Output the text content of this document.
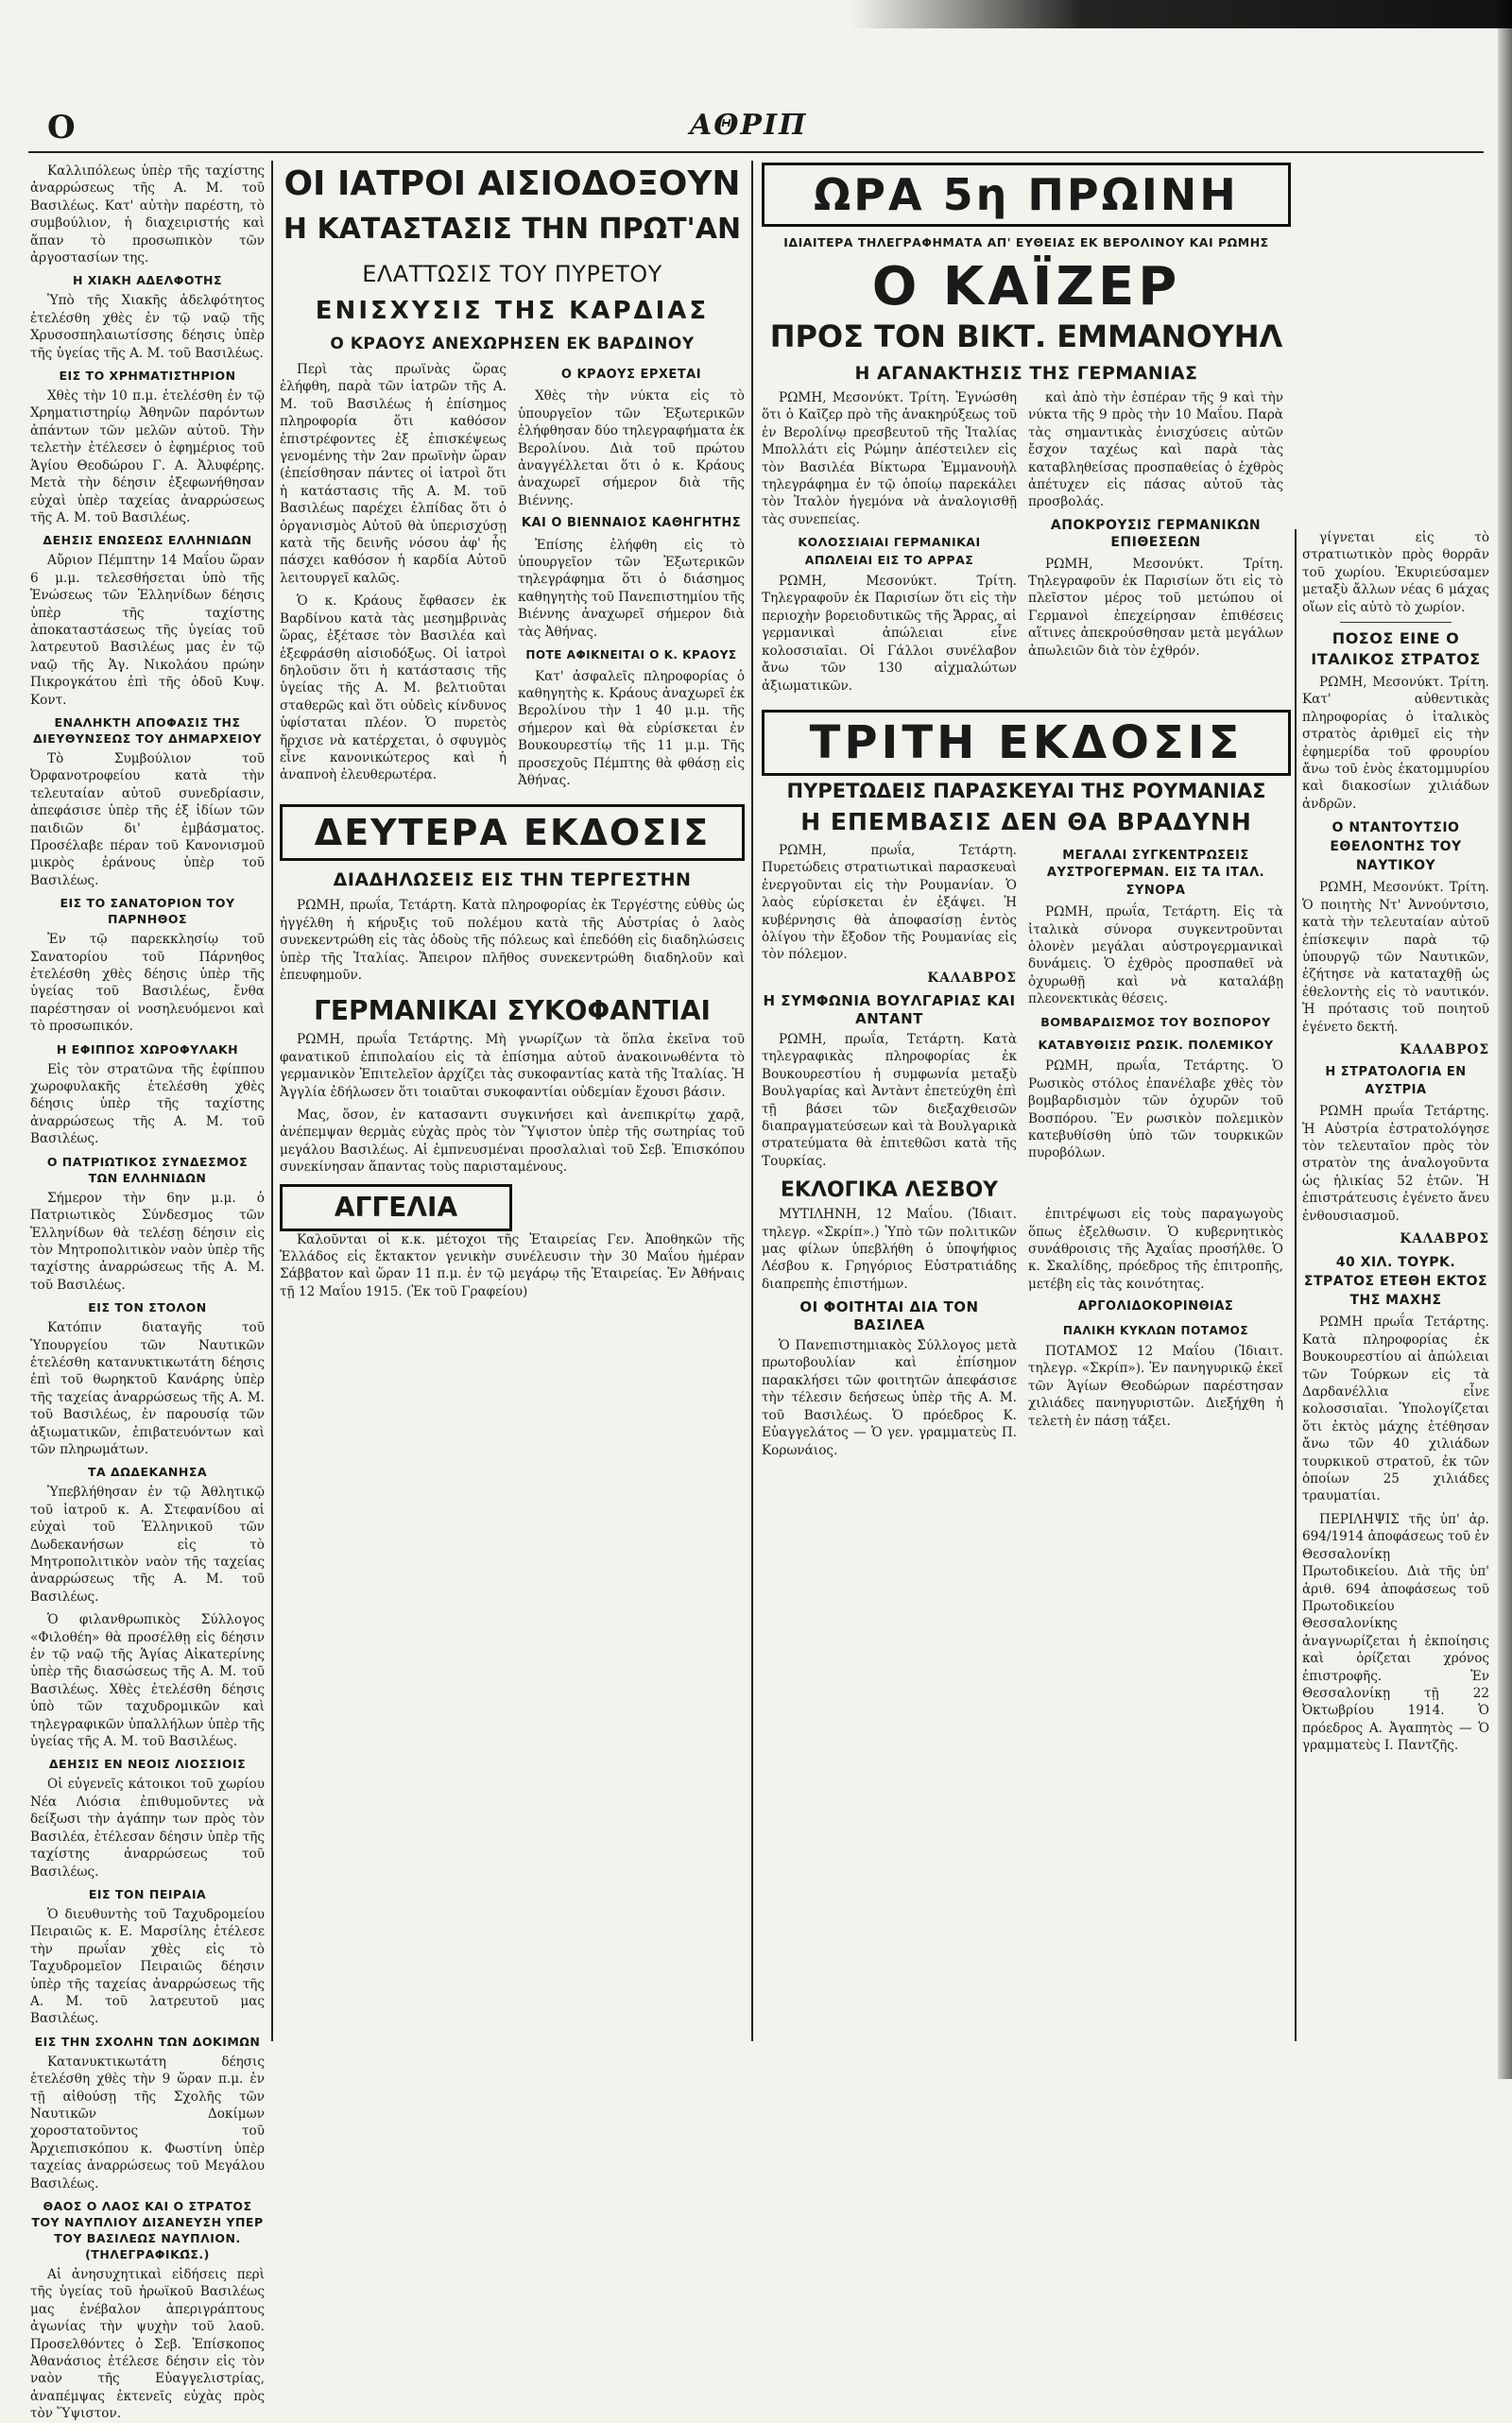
Ο	ΑΘΡΙΠ

Καλλιπόλεως ὑπὲρ τῆς ταχίστης ἀναρρώσεως τῆς Α. Μ. τοῦ Βασιλέως. Κατ' αὐτὴν παρέστη, τὸ συμβούλιον, ἡ διαχειριστής καὶ ἅπαν τὸ προσωπικὸν τῶν ἀργοστασίων της.

Η ΧΙΑΚΗ ΑΔΕΛΦΟΤΗΣ

Ὑπὸ τῆς Χιακῆς ἀδελφότητος ἐτελέσθη χθὲς ἐν τῷ ναῷ τῆς Χρυσοσπηλαιωτίσσης δέησις ὑπὲρ τῆς ὑγείας τῆς Α. Μ. τοῦ Βασιλέως.

ΕΙΣ ΤΟ ΧΡΗΜΑΤΙΣΤΗΡΙΟΝ

Χθὲς τὴν 10 π.μ. ἐτελέσθη ἐν τῷ Χρηματιστηρίῳ Ἀθηνῶν παρόντων ἁπάντων τῶν μελῶν αὐτοῦ. Τὴν τελετὴν ἐτέλεσεν ὁ ἐφημέριος τοῦ Ἁγίου Θεοδώρου Γ. Α. Ἀλυφέρης. Μετὰ τὴν δέησιν ἐξεφωνήθησαν εὐχαὶ ὑπὲρ ταχείας ἀναρρώσεως τῆς Α. Μ. τοῦ Βασιλέως.

ΔΕΗΣΙΣ ΕΝΩΣΕΩΣ ΕΛΛΗΝΙΔΩΝ

Αὔριον Πέμπτην 14 Μαΐου ὥραν 6 μ.μ. τελεσθήσεται ὑπὸ τῆς Ἑνώσεως τῶν Ἑλληνίδων δέησις ὑπὲρ τῆς ταχίστης ἀποκαταστάσεως τῆς ὑγείας τοῦ λατρευτοῦ Βασιλέως μας ἐν τῷ ναῷ τῆς Ἁγ. Νικολάου πρώην Πικρογκάτου ἐπὶ τῆς ὁδοῦ Κυψ. Κοντ.

ΕΝΑΛΗΚΤΗ ΑΠΟΦΑΣΙΣ ΤΗΣ ΔΙΕΥΘΥΝΣΕΩΣ ΤΟΥ ΔΗΜΑΡΧΕΙΟΥ

Τὸ Συμβούλιον τοῦ Ὀρφανοτροφείου κατὰ τὴν τελευταίαν αὐτοῦ συνεδρίασιν, ἀπεφάσισε ὑπὲρ τῆς ἐξ ἰδίων τῶν παιδιῶν δι' ἐμβάσματος. Προσέλαβε πέραν τοῦ Κανονισμοῦ μικρὸς ἐράνους ὑπὲρ τοῦ Βασιλέως.

ΕΙΣ ΤΟ ΣΑΝΑΤΟΡΙΟΝ ΤΟΥ ΠΑΡΝΗΘΟΣ

Ἐν τῷ παρεκκλησίῳ τοῦ Σανατορίου τοῦ Πάρνηθος ἐτελέσθη χθὲς δέησις ὑπὲρ τῆς ὑγείας τοῦ Βασιλέως, ἔνθα παρέστησαν οἱ νοσηλευόμενοι καὶ τὸ προσωπικόν.

Η ΕΦΙΠΠΟΣ ΧΩΡΟΦΥΛΑΚΗ

Εἰς τὸν στρατῶνα τῆς ἐφίππου χωροφυλακῆς ἐτελέσθη χθὲς δέησις ὑπὲρ τῆς ταχίστης ἀναρρώσεως τῆς Α. Μ. τοῦ Βασιλέως.

Ο ΠΑΤΡΙΩΤΙΚΟΣ ΣΥΝΔΕΣΜΟΣ ΤΩΝ ΕΛΛΗΝΙΔΩΝ

Σήμερον τὴν 6ην μ.μ. ὁ Πατριωτικὸς Σύνδεσμος τῶν Ἑλληνίδων θὰ τελέσῃ δέησιν εἰς τὸν Μητροπολιτικὸν ναὸν ὑπὲρ τῆς ταχίστης ἀναρρώσεως τῆς Α. Μ. τοῦ Βασιλέως.

ΕΙΣ ΤΟΝ ΣΤΟΛΟΝ

Κατόπιν διαταγῆς τοῦ Ὑπουργείου τῶν Ναυτικῶν ἐτελέσθη κατανυκτικωτάτη δέησις ἐπὶ τοῦ θωρηκτοῦ Κανάρης ὑπὲρ τῆς ταχείας ἀναρρώσεως τῆς Α. Μ. τοῦ Βασιλέως, ἐν παρουσίᾳ τῶν ἀξιωματικῶν, ἐπιβατευόντων καὶ τῶν πληρωμάτων.

ΤΑ ΔΩΔΕΚΑΝΗΣΑ

Ὑπεβλήθησαν ἐν τῷ Ἀθλητικῷ τοῦ ἰατροῦ κ. Α. Στεφανίδου αἱ εὐχαὶ τοῦ Ἑλληνικοῦ τῶν Δωδεκανήσων εἰς τὸ Μητροπολιτικὸν ναὸν τῆς ταχείας ἀναρρώσεως τῆς Α. Μ. τοῦ Βασιλέως.

Ὁ φιλανθρωπικὸς Σύλλογος «Φιλοθέη» θὰ προσέλθῃ εἰς δέησιν ἐν τῷ ναῷ τῆς Ἁγίας Αἰκατερίνης ὑπὲρ τῆς διασώσεως τῆς Α. Μ. τοῦ Βασιλέως. Χθὲς ἐτελέσθη δέησις ὑπὸ τῶν ταχυδρομικῶν καὶ τηλεγραφικῶν ὑπαλλήλων ὑπὲρ τῆς ὑγείας τῆς Α. Μ. τοῦ Βασιλέως.

ΔΕΗΣΙΣ ΕΝ ΝΕΟΙΣ ΛΙΟΣΣΙΟΙΣ

Οἱ εὐγενεῖς κάτοικοι τοῦ χωρίου Νέα Λιόσια ἐπιθυμοῦντες νὰ δείξωσι τὴν ἀγάπην των πρὸς τὸν Βασιλέα, ἐτέλεσαν δέησιν ὑπὲρ τῆς ταχίστης ἀναρρώσεως τοῦ Βασιλέως.

ΕΙΣ ΤΟΝ ΠΕΙΡΑΙΑ

Ὁ διευθυντὴς τοῦ Ταχυδρομείου Πειραιῶς κ. Ε. Μαρσίλης ἐτέλεσε τὴν πρωΐαν χθὲς εἰς τὸ Ταχυδρομεῖον Πειραιῶς δέησιν ὑπὲρ τῆς ταχείας ἀναρρώσεως τῆς Α. Μ. τοῦ λατρευτοῦ μας Βασιλέως.

ΕΙΣ ΤΗΝ ΣΧΟΛΗΝ ΤΩΝ ΔΟΚΙΜΩΝ

Κατανυκτικωτάτη δέησις ἐτελέσθη χθὲς τὴν 9 ὥραν π.μ. ἐν τῇ αἰθούσῃ τῆς Σχολῆς τῶν Ναυτικῶν Δοκίμων χοροστατοῦντος τοῦ Ἀρχιεπισκόπου κ. Φωστίνη ὑπὲρ ταχείας ἀναρρώσεως τοῦ Μεγάλου Βασιλέως.

ΘΑΟΣ Ο ΛΑΟΣ ΚΑΙ Ο ΣΤΡΑΤΟΣ ΤΟΥ ΝΑΥΠΛΙΟΥ ΔΙΣΑΝΕΥΣΗ ΥΠΕΡ ΤΟΥ ΒΑΣΙΛΕΩΣ ΝΑΥΠΛΙΟΝ. (ΤΗΛΕΓΡΑΦΙΚΩ͂Σ.)

Αἱ ἀνησυχητικαὶ εἰδήσεις περὶ τῆς ὑγείας τοῦ ἡρωϊκοῦ Βασιλέως μας ἐνέβαλον ἀπεριγράπτους ἀγωνίας τὴν ψυχὴν τοῦ λαοῦ. Προσελθόντες ὁ Σεβ. Ἐπίσκοπος Ἀθανάσιος ἐτέλεσε δέησιν εἰς τὸν ναὸν τῆς Εὐαγγελιστρίας, ἀναπέμψας ἐκτενεῖς εὐχὰς πρὸς τὸν Ὕψιστον.

ΟΙ ΙΑΤΡΟΙ ΑΙΣΙΟΔΟΞΟΥΝ
Η ΚΑΤΑΣΤΑΣΙΣ ΤΗΝ ΠΡΩΤ'ΑΝ
ΕΛΑΤΤΩΣΙΣ ΤΟΥ ΠΥΡΕΤΟΥ
ΕΝΙΣΧΥΣΙΣ ΤΗΣ ΚΑΡΔΙΑΣ
Ο ΚΡΑΟΥΣ ΑΝΕΧΩΡΗΣΕΝ ΕΚ ΒΑΡΔΙΝΟΥ

Περὶ τὰς πρωϊνὰς ὥρας ἐλήφθη, παρὰ τῶν ἰατρῶν τῆς Α. Μ. τοῦ Βασιλέως ἡ ἐπίσημος πληροφορία ὅτι καθόσον ἐπιστρέφοντες ἐξ ἐπισκέψεως γενομένης τὴν 2αν πρωϊνὴν ὥραν (ἐπείσθησαν πάντες οἱ ἰατροὶ ὅτι ἡ κατάστασις τῆς Α. Μ. τοῦ Βασιλέως παρέχει ἐλπίδας ὅτι ὁ ὀργανισμὸς Αὐτοῦ θὰ ὑπερισχύσῃ κατὰ τῆς δεινῆς νόσου ἀφ' ἧς πάσχει καθόσον ἡ καρδία Αὐτοῦ λειτουργεῖ καλῶς.

Ὁ κ. Κράους ἔφθασεν ἐκ Βαρδίνου κατὰ τὰς μεσημβρινὰς ὥρας, ἐξέτασε τὸν Βασιλέα καὶ ἐξεφράσθη αἰσιοδόξως. Οἱ ἰατροὶ δηλοῦσιν ὅτι ἡ κατάστασις τῆς ὑγείας τῆς Α. Μ. βελτιοῦται σταθερῶς καὶ ὅτι οὐδεὶς κίνδυνος ὑφίσταται πλέον. Ὁ πυρετὸς ἤρχισε νὰ κατέρχεται, ὁ σφυγμὸς εἶνε κανονικώτερος καὶ ἡ ἀναπνοὴ ἐλευθερωτέρα.

Ο ΚΡΑΟΥΣ ΕΡΧΕΤΑΙ

Χθὲς τὴν νύκτα εἰς τὸ ὑπουργεῖον τῶν Ἐξωτερικῶν ἐλήφθησαν δύο τηλεγραφήματα ἐκ Βερολίνου. Διὰ τοῦ πρώτου ἀναγγέλλεται ὅτι ὁ κ. Κράους ἀναχωρεῖ σήμερον διὰ τῆς Βιέννης.

ΚΑΙ Ο ΒΙΕΝΝΑΙΟΣ ΚΑΘΗΓΗΤΗΣ

Ἐπίσης ἐλήφθη εἰς τὸ ὑπουργεῖον τῶν Ἐξωτερικῶν τηλεγράφημα ὅτι ὁ διάσημος καθηγητὴς τοῦ Πανεπιστημίου τῆς Βιέννης ἀναχωρεῖ σήμερον διὰ τὰς Ἀθήνας.

ΠΟΤΕ ΑΦΙΚΝΕΙΤΑΙ Ο Κ. ΚΡΑΟΥΣ

Κατ' ἀσφαλεῖς πληροφορίας ὁ καθηγητὴς κ. Κράους ἀναχωρεῖ ἐκ Βερολίνου τὴν 1 40 μ.μ. τῆς σήμερον καὶ θὰ εὑρίσκεται ἐν Βουκουρεστίῳ τῆς 11 μ.μ. Τῆς προσεχοῦς Πέμπτης θὰ φθάσῃ εἰς Ἀθήνας.

ΔΕΥΤΕΡΑ ΕΚΔΟΣΙΣ
ΔΙΑΔΗΛΩΣΕΙΣ ΕΙΣ ΤΗΝ ΤΕΡΓΕΣΤΗΝ

ΡΩΜΗ, πρωΐα, Τετάρτη. Κατὰ πληροφορίας ἐκ Τεργέστης εὐθὺς ὡς ἠγγέλθη ἡ κήρυξις τοῦ πολέμου κατὰ τῆς Αὐστρίας ὁ λαὸς συνεκεντρώθη εἰς τὰς ὁδοὺς τῆς πόλεως καὶ ἐπεδόθη εἰς διαδηλώσεις ὑπὲρ τῆς Ἰταλίας. Ἄπειρον πλῆθος συνεκεντρώθη διαδηλοῦν καὶ ἐπευφημοῦν.

ΓΕΡΜΑΝΙΚΑΙ ΣΥΚΟΦΑΝΤΙΑΙ

ΡΩΜΗ, πρωΐα Τετάρτης. Μὴ γνωρίζων τὰ ὅπλα ἐκεῖνα τοῦ φανατικοῦ ἐπιπολαίου εἰς τὰ ἐπίσημα αὐτοῦ ἀνακοινωθέντα τὸ γερμανικὸν Ἐπιτελεῖον ἀρχίζει τὰς συκοφαντίας κατὰ τῆς Ἰταλίας. Ἡ Ἀγγλία ἐδήλωσεν ὅτι τοιαῦται συκοφαντίαι οὐδεμίαν ἔχουσι βάσιν.

Μας, ὅσον, ἐν κατασαντι συγκινήσει καὶ ἀνεπικρίτῳ χαρᾷ, ἀνέπεμψαν θερμὰς εὐχὰς πρὸς τὸν Ὕψιστον ὑπὲρ τῆς σωτηρίας τοῦ μεγάλου Βασιλέως. Αἱ ἐμπνευσμέναι προσλαλιαὶ τοῦ Σεβ. Ἐπισκόπου συνεκίνησαν ἅπαντας τοὺς παρισταμένους.

ΑΓΓΕΛΙΑ

Καλοῦνται οἱ κ.κ. μέτοχοι τῆς Ἐταιρείας Γεν. Ἀποθηκῶν τῆς Ἑλλάδος εἰς ἔκτακτον γενικὴν συνέλευσιν τὴν 30 Μαΐου ἡμέραν Σάββατον καὶ ὥραν 11 π.μ. ἐν τῷ μεγάρῳ τῆς Ἑταιρείας. Ἐν Ἀθήναις τῇ 12 Μαΐου 1915. (Ἐκ τοῦ Γραφείου)

ΩΡΑ 5η ΠΡΩΙΝΗ
ΙΔΙΑΙΤΕΡΑ ΤΗΛΕΓΡΑΦΗΜΑΤΑ ΑΠ' ΕΥΘΕΙΑΣ ΕΚ ΒΕΡΟΛΙΝΟΥ ΚΑΙ ΡΩΜΗΣ
Ο ΚΑΪΖΕΡ
ΠΡΟΣ ΤΟΝ ΒΙΚΤ. ΕΜΜΑΝΟΥΗΛ
Η ΑΓΑΝΑΚΤΗΣΙΣ ΤΗΣ ΓΕΡΜΑΝΙΑΣ

ΡΩΜΗ, Μεσονύκτ. Τρίτη. Ἐγνώσθη ὅτι ὁ Καῖζερ πρὸ τῆς ἀνακηρύξεως τοῦ ἐν Βερολίνῳ πρεσβευτοῦ τῆς Ἰταλίας Μπολλάτι εἰς Ρώμην ἀπέστειλεν εἰς τὸν Βασιλέα Βίκτωρα Ἐμμανουὴλ τηλεγράφημα ἐν τῷ ὁποίῳ παρεκάλει τὸν Ἰταλὸν ἡγεμόνα νὰ ἀναλογισθῇ τὰς συνεπείας.

ΚΟΛΟΣΣΙΑΙΑΙ ΓΕΡΜΑΝΙΚΑΙ ΑΠΩΛΕΙΑΙ ΕΙΣ ΤΟ ΑΡΡΑΣ

ΡΩΜΗ, Μεσονύκτ. Τρίτη. Τηλεγραφοῦν ἐκ Παρισίων ὅτι εἰς τὴν περιοχὴν βορειοδυτικῶς τῆς Ἄρρας, αἱ γερμανικαὶ ἀπώλειαι εἶνε κολοσσιαῖαι. Οἱ Γάλλοι συνέλαβον ἄνω τῶν 130 αἰχμαλώτων ἀξιωματικῶν.

καὶ ἀπὸ τὴν ἐσπέραν τῆς 9 καὶ τὴν νύκτα τῆς 9 πρὸς τὴν 10 Μαΐου. Παρὰ τὰς σημαντικὰς ἐνισχύσεις αὐτῶν ἔσχον ταχέως καὶ παρὰ τὰς καταβληθείσας προσπαθείας ὁ ἐχθρὸς ἀπέτυχεν εἰς πάσας αὐτοῦ τὰς προσβολάς.

ΑΠΟΚΡΟΥΣΙΣ ΓΕΡΜΑΝΙΚΩΝ ΕΠΙΘΕΣΕΩΝ

ΡΩΜΗ, Μεσονύκτ. Τρίτη. Τηλεγραφοῦν ἐκ Παρισίων ὅτι εἰς τὸ πλεῖστον μέρος τοῦ μετώπου οἱ Γερμανοὶ ἐπεχείρησαν ἐπιθέσεις αἵτινες ἀπεκρούσθησαν μετὰ μεγάλων ἀπωλειῶν διὰ τὸν ἐχθρόν.

ΤΡΙΤΗ ΕΚΔΟΣΙΣ
ΠΥΡΕΤΩΔΕΙΣ ΠΑΡΑΣΚΕΥΑΙ ΤΗΣ ΡΟΥΜΑΝΙΑΣ
Η ΕΠΕΜΒΑΣΙΣ ΔΕΝ ΘΑ ΒΡΑΔΥΝΗ

ΡΩΜΗ, πρωΐα, Τετάρτη. Πυρετώδεις στρατιωτικαὶ παρασκευαὶ ἐνεργοῦνται εἰς τὴν Ρουμανίαν. Ὁ λαὸς εὑρίσκεται ἐν ἐξάψει. Ἡ κυβέρνησις θὰ ἀποφασίσῃ ἐντὸς ὀλίγου τὴν ἔξοδον τῆς Ρουμανίας εἰς τὸν πόλεμον.

ΚΑΛΑΒΡΟΣ
Η ΣΥΜΦΩΝΙΑ ΒΟΥΛΓΑΡΙΑΣ ΚΑΙ ΑΝΤΑΝΤ

ΡΩΜΗ, πρωΐα, Τετάρτη. Κατὰ τηλεγραφικὰς πληροφορίας ἐκ Βουκουρεστίου ἡ συμφωνία μεταξὺ Βουλγαρίας καὶ Ἀντὰντ ἐπετεύχθη ἐπὶ τῇ βάσει τῶν διεξαχθεισῶν διαπραγματεύσεων καὶ τὰ Βουλγαρικὰ στρατεύματα θὰ ἐπιτεθῶσι κατὰ τῆς Τουρκίας.

ΜΕΓΑΛΑΙ ΣΥΓΚΕΝΤΡΩΣΕΙΣ ΑΥΣΤΡΟΓΕΡΜΑΝ. ΕΙΣ ΤΑ ΙΤΑΛ. ΣΥΝΟΡΑ

ΡΩΜΗ, πρωΐα, Τετάρτη. Εἰς τὰ ἰταλικὰ σύνορα συγκεντροῦνται ὁλονὲν μεγάλαι αὐστρογερμανικαὶ δυνάμεις. Ὁ ἐχθρὸς προσπαθεῖ νὰ ὀχυρωθῇ καὶ νὰ καταλάβῃ πλεονεκτικὰς θέσεις.

ΒΟΜΒΑΡΔΙΣΜΟΣ ΤΟΥ ΒΟΣΠΟΡΟΥ
ΚΑΤΑΒΥΘΙΣΙΣ ΡΩΣΙΚ. ΠΟΛΕΜΙΚΟΥ

ΡΩΜΗ, πρωΐα, Τετάρτης. Ὁ Ρωσικὸς στόλος ἐπανέλαβε χθὲς τὸν βομβαρδισμὸν τῶν ὀχυρῶν τοῦ Βοσπόρου. Ἓν ρωσικὸν πολεμικὸν κατεβυθίσθη ὑπὸ τῶν τουρκικῶν πυροβόλων.

ΕΚΛΟΓΙΚΑ ΛΕΣΒΟΥ

ΜΥΤΙΛΗΝΗ, 12 Μαΐου. (Ἰδιαιτ. τηλεγρ. «Σκρίπ».) Ὑπὸ τῶν πολιτικῶν μας φίλων ὑπεβλήθη ὁ ὑποψήφιος Λέσβου κ. Γρηγόριος Εὐστρατιάδης διαπρεπὴς ἐπιστήμων.

ΟΙ ΦΟΙΤΗΤΑΙ ΔΙΑ ΤΟΝ ΒΑΣΙΛΕΑ

Ὁ Πανεπιστημιακὸς Σύλλογος μετὰ πρωτοβουλίαν καὶ ἐπίσημον παρακλήσει τῶν φοιτητῶν ἀπεφάσισε τὴν τέλεσιν δεήσεως ὑπὲρ τῆς Α. Μ. τοῦ Βασιλέως. Ὁ πρόεδρος Κ. Εὐαγγελάτος — Ὁ γεν. γραμματεὺς Π. Κορωνάιος.

ἐπιτρέψωσι εἰς τοὺς παραγωγοὺς ὅπως ἐξελθωσιν. Ὁ κυβερνητικὸς συνάθροισις τῆς Ἀχαΐας προσήλθε. Ὁ κ. Σκαλίδης, πρόεδρος τῆς ἐπιτροπῆς, μετέβη εἰς τὰς κοινότητας.

ΑΡΓΟΛΙΔΟΚΟΡΙΝΘΙΑΣ
ΠΑΛΙΚΗ ΚΥΚΛΩΝ ΠΟΤΑΜΟΣ

ΠΟΤΑΜΟΣ 12 Μαΐου (Ἰδιαιτ. τηλεγρ. «Σκρίπ»). Ἐν πανηγυρικῷ ἐκεῖ τῶν Ἁγίων Θεοδώρων παρέστησαν χιλιάδες πανηγυριστῶν. Διεξήχθη ἡ τελετὴ ἐν πάσῃ τάξει.

γίγνεται εἰς τὸ στρατιωτικὸν πρὸς θορρᾶν τοῦ χωρίου. Ἐκυριεύσαμεν μεταξὺ ἄλλων νέας 6 μάχας οἵων εἰς αὐτὸ τὸ χωρίον.

ΠΟΣΟΣ ΕΙΝΕ Ο ΙΤΑΛΙΚΟΣ ΣΤΡΑΤΟΣ

ΡΩΜΗ, Μεσονύκτ. Τρίτη. Κατ' αὐθεντικὰς πληροφορίας ὁ ἰταλικὸς στρατὸς ἀριθμεῖ εἰς τὴν ἐφημερίδα τοῦ φρουρίου ἄνω τοῦ ἑνὸς ἑκατομμυρίου καὶ διακοσίων χιλιάδων ἀνδρῶν.

Ο ΝΤΑΝΤΟΥΤΣΙΟ ΕΘΕΛΟΝΤΗΣ ΤΟΥ ΝΑΥΤΙΚΟΥ

ΡΩΜΗ, Μεσονύκτ. Τρίτη. Ὁ ποιητὴς Ντ' Ἀννούντσιο, κατὰ τὴν τελευταίαν αὐτοῦ ἐπίσκεψιν παρὰ τῷ ὑπουργῷ τῶν Ναυτικῶν, ἐζήτησε νὰ καταταχθῇ ὡς ἐθελοντὴς εἰς τὸ ναυτικόν. Ἡ πρότασις τοῦ ποιητοῦ ἐγένετο δεκτή.

ΚΑΛΑΒΡΟΣ
Η ΣΤΡΑΤΟΛΟΓΙΑ ΕΝ ΑΥΣΤΡΙΑ

ΡΩΜΗ πρωΐα Τετάρτης. Ἡ Αὐστρία ἐστρατολόγησε τὸν τελευταῖον πρὸς τὸν στρατὸν της ἀναλογοῦντα ὡς ἡλικίας 52 ἐτῶν. Ἡ ἐπιστράτευσις ἐγένετο ἄνευ ἐνθουσιασμοῦ.

ΚΑΛΑΒΡΟΣ
40 ΧΙΛ. ΤΟΥΡΚ. ΣΤΡΑΤΟΣ ΕΤΕΘΗ ΕΚΤΟΣ ΤΗΣ ΜΑΧΗΣ

ΡΩΜΗ πρωΐα Τετάρτης. Κατὰ πληροφορίας ἐκ Βουκουρεστίου αἱ ἀπώλειαι τῶν Τούρκων εἰς τὰ Δαρδανέλλια εἶνε κολοσσιαῖαι. Ὑπολογίζεται ὅτι ἐκτὸς μάχης ἐτέθησαν ἄνω τῶν 40 χιλιάδων τουρκικοῦ στρατοῦ, ἐκ τῶν ὁποίων 25 χιλιάδες τραυματίαι.

ΠΕΡΙΛΗΨΙΣ τῆς ὑπ' ἀρ. 694/1914 ἀποφάσεως τοῦ ἐν Θεσσαλονίκῃ Πρωτοδικείου. Διὰ τῆς ὑπ' ἀριθ. 694 ἀποφάσεως τοῦ Πρωτοδικείου Θεσσαλονίκης ἀναγνωρίζεται ἡ ἐκποίησις καὶ ὁρίζεται χρόνος ἐπιστροφῆς. Ἐν Θεσσαλονίκῃ τῇ 22 Ὀκτωβρίου 1914. Ὁ πρόεδρος Α. Ἀγαπητὸς — Ὁ γραμματεὺς Ι. Παντζῆς.
